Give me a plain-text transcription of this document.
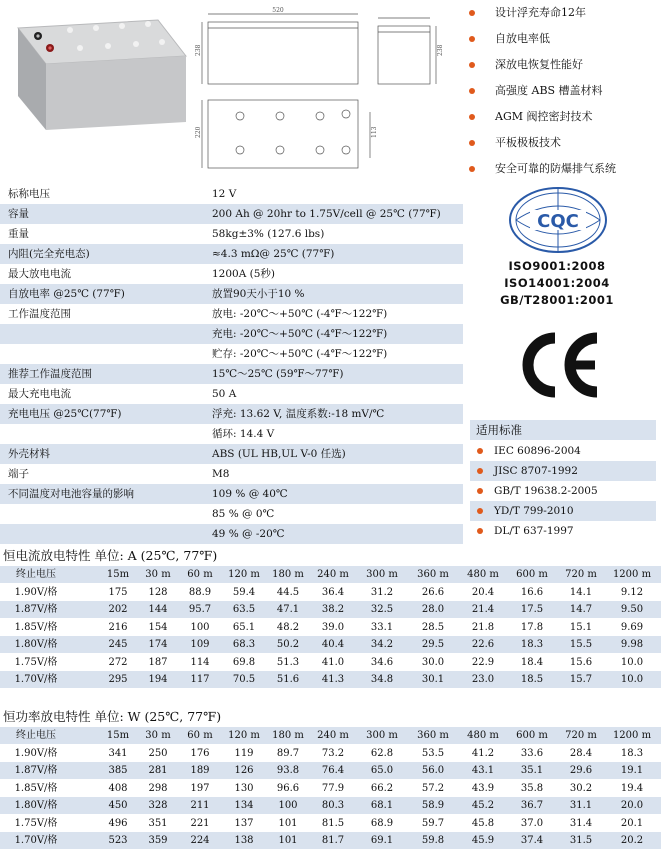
520
238	238
220	113
设计浮充寿命12年
自放电率低
深放电恢复性能好
高强度 ABS 槽盖材料
AGM 阀控密封技术
平板极板技术
安全可靠的防爆排气系统
标称电压	12 V
容量	200 Ah @ 20hr to 1.75V/cell @ 25℃ (77℉)
重量	58kg±3% (127.6 lbs)
内阻(完全充电态)	≈4.3 mΩ@ 25℃ (77℉)
最大放电电流	1200A (5秒)
自放电率 @25℃ (77℉)	放置90天小于10 %
工作温度范围	放电: -20℃～+50℃ (-4℉～122℉)
充电: -20℃～+50℃ (-4℉～122℉)
贮存: -20℃～+50℃ (-4℉～122℉)
推荐工作温度范围	15℃～25℃ (59℉～77℉)
最大充电电流	50 A
充电电压 @25℃(77℉)	浮充: 13.62 V, 温度系数:-18 mV/℃
循环: 14.4 V
外壳材料	ABS (UL HB,UL V-0 任选)
端子	M8
不同温度对电池容量的影响	109 % @ 40℃
85 % @ 0℃
49 % @ -20℃
CQC
ISO9001:2008
ISO14001:2004
GB/T28001:2001
适用标准
IEC 60896-2004
JISC 8707-1992
GB/T 19638.2-2005
YD/T 799-2010
DL/T 637-1997
恒电流放电特性 单位: A (25℃, 77℉)
终止电压	15m	30 m	60 m	120 m	180 m	240 m	300 m	360 m	480 m	600 m	720 m	1200 m
1.90V/格	175	128	88.9	59.4	44.5	36.4	31.2	26.6	20.4	16.6	14.1	9.12
1.87V/格	202	144	95.7	63.5	47.1	38.2	32.5	28.0	21.4	17.5	14.7	9.50
1.85V/格	216	154	100	65.1	48.2	39.0	33.1	28.5	21.8	17.8	15.1	9.69
1.80V/格	245	174	109	68.3	50.2	40.4	34.2	29.5	22.6	18.3	15.5	9.98
1.75V/格	272	187	114	69.8	51.3	41.0	34.6	30.0	22.9	18.4	15.6	10.0
1.70V/格	295	194	117	70.5	51.6	41.3	34.8	30.1	23.0	18.5	15.7	10.0
恒功率放电特性 单位: W (25℃, 77℉)
终止电压	15m	30 m	60 m	120 m	180 m	240 m	300 m	360 m	480 m	600 m	720 m	1200 m
1.90V/格	341	250	176	119	89.7	73.2	62.8	53.5	41.2	33.6	28.4	18.3
1.87V/格	385	281	189	126	93.8	76.4	65.0	56.0	43.1	35.1	29.6	19.1
1.85V/格	408	298	197	130	96.6	77.9	66.2	57.2	43.9	35.8	30.2	19.4
1.80V/格	450	328	211	134	100	80.3	68.1	58.9	45.2	36.7	31.1	20.0
1.75V/格	496	351	221	137	101	81.5	68.9	59.7	45.8	37.0	31.4	20.1
1.70V/格	523	359	224	138	101	81.7	69.1	59.8	45.9	37.4	31.5	20.2
